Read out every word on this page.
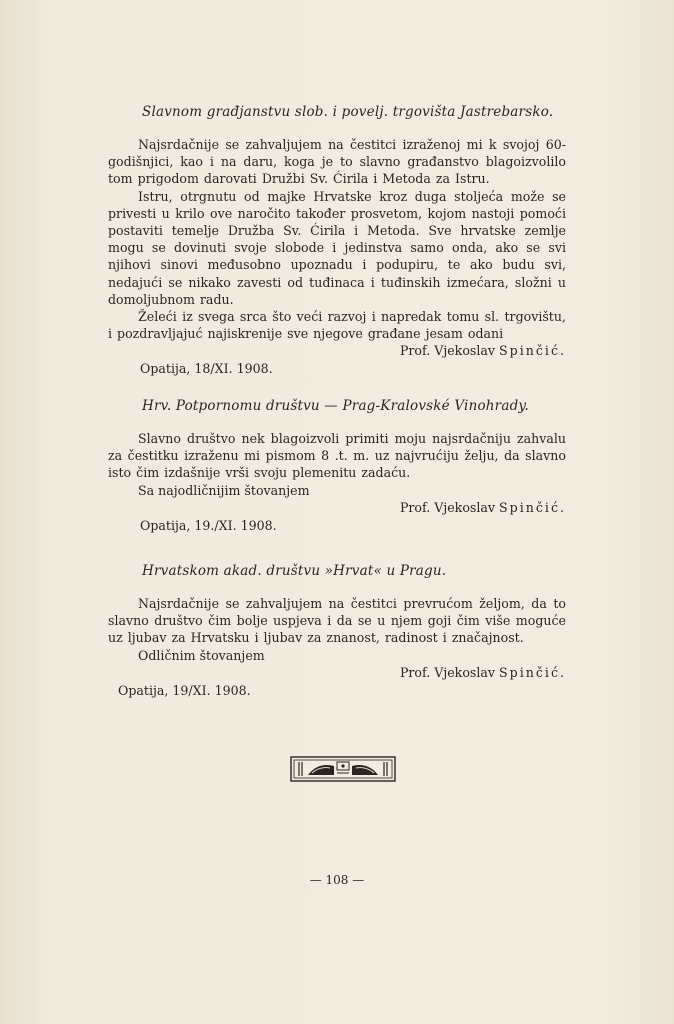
Slavnom građjanstvu slob. i povelj. trgovišta Jastrebarsko.

Najsrdačnije se zahvaljujem na čestitci izraženoj mi k svojoj 60-godišnjici, kao i na daru, koga je to slavno građanstvo blagoizvolilo tom prigodom darovati Družbi Sv. Ćirila i Metoda za Istru.

Istru, otrgnutu od majke Hrvatske kroz duga stoljeća može se privesti u krilo ove naročito također prosvetom, kojom nastoji pomoći postaviti temelje Družba Sv. Ćirila i Metoda. Sve hrvatske zemlje mogu se dovinuti svoje slobode i jedinstva samo onda, ako se svi njihovi sinovi međusobno upoznadu i podupiru, te ako budu svi, nedajući se nikako zavesti od tuđinaca i tuđinskih izmećara, složni u domoljubnom radu.

Želeći iz svega srca što veći razvoj i napredak tomu sl. trgovištu, i pozdravljajuć najiskrenije sve njegove građane jesam odani

Prof. Vjekoslav Spinčić.

Opatija, 18/XI. 1908.

Hrv. Potpornomu društvu — Prag-Kralovské Vinohrady.

Slavno društvo nek blagoizvoli primiti moju najsrdačniju zahvalu za čestitku izraženu mi pismom 8 .t. m. uz najvrućiju želju, da slavno isto čim izdašnije vrši svoju plemenitu zadaću.

Sa najodličnijim štovanjem

Prof. Vjekoslav Spinčić.

Opatija, 19./XI. 1908.

Hrvatskom akad. društvu »Hrvat« u Pragu.

Najsrdačnije se zahvaljujem na čestitci prevrućom željom, da to slavno društvo čim bolje uspjeva i da se u njem goji čim više moguće uz ljubav za Hrvatsku i ljubav za znanost, radinost i značajnost.

Odličnim štovanjem

Prof. Vjekoslav Spinčić.

Opatija, 19/XI. 1908.

— 108 —
